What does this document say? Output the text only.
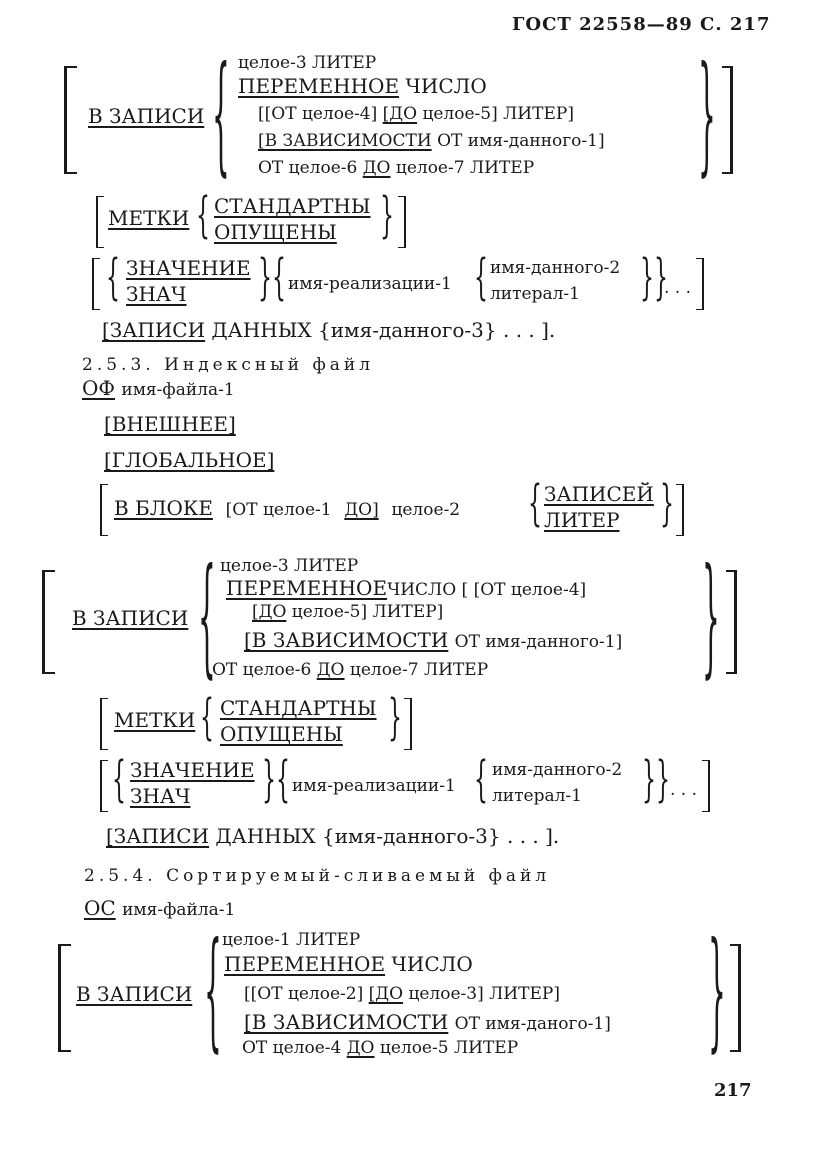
ГОСТ 22558—89 С. 217
В ЗАПИСИ { целое-3 ЛИТЕР
ПЕРЕМЕННОЕ ЧИСЛО
[[ОТ целое-4] [ДО целое-5] ЛИТЕР]
[В ЗАВИСИМОСТИ ОТ имя-данного-1]
ОТ целое-6 ДО целое-7 ЛИТЕР	}
МЕТКИ { СТАНДАРТНЫ
ОПУЩЕНЫ }
{ ЗНАЧЕНИЕ
ЗНАЧ	}{ имя-реализации-1 { имя-данного-2
литерал-1	}}
. . .
[ЗАПИСИ ДАННЫХ {имя-данного-3} . . . ].
2.5.3. Индексный файл
ОФ имя-файла-1
[ВНЕШНЕЕ]
[ГЛОБАЛЬНОЕ]
В БЛОКЕ [ОТ целое-1 ДО] целое-2	{ ЗАПИСЕЙ
ЛИТЕР }
В ЗАПИСИ { целое-3 ЛИТЕР
ПЕРЕМЕННОЕЧИСЛО [ [ОТ целое-4]
[ДО целое-5] ЛИТЕР]
[В ЗАВИСИМОСТИ ОТ имя-данного-1]
ОТ целое-6 ДО целое-7 ЛИТЕР	}
МЕТКИ { СТАНДАРТНЫ
ОПУЩЕНЫ }
{ ЗНАЧЕНИЕ
ЗНАЧ	}{ имя-реализации-1 { имя-данного-2
литерал-1	}} . . .
[ЗАПИСИ ДАННЫХ {имя-данного-3} . . . ].
2.5.4. Сортируемый-сливаемый файл
ОС имя-файла-1
В ЗАПИСИ { целое-1 ЛИТЕР
ПЕРЕМЕННОЕ ЧИСЛО
[[ОТ целое-2] [ДО целое-3] ЛИТЕР]
[В ЗАВИСИМОСТИ ОТ имя-даного-1]
ОТ целое-4 ДО целое-5 ЛИТЕР	}
217
